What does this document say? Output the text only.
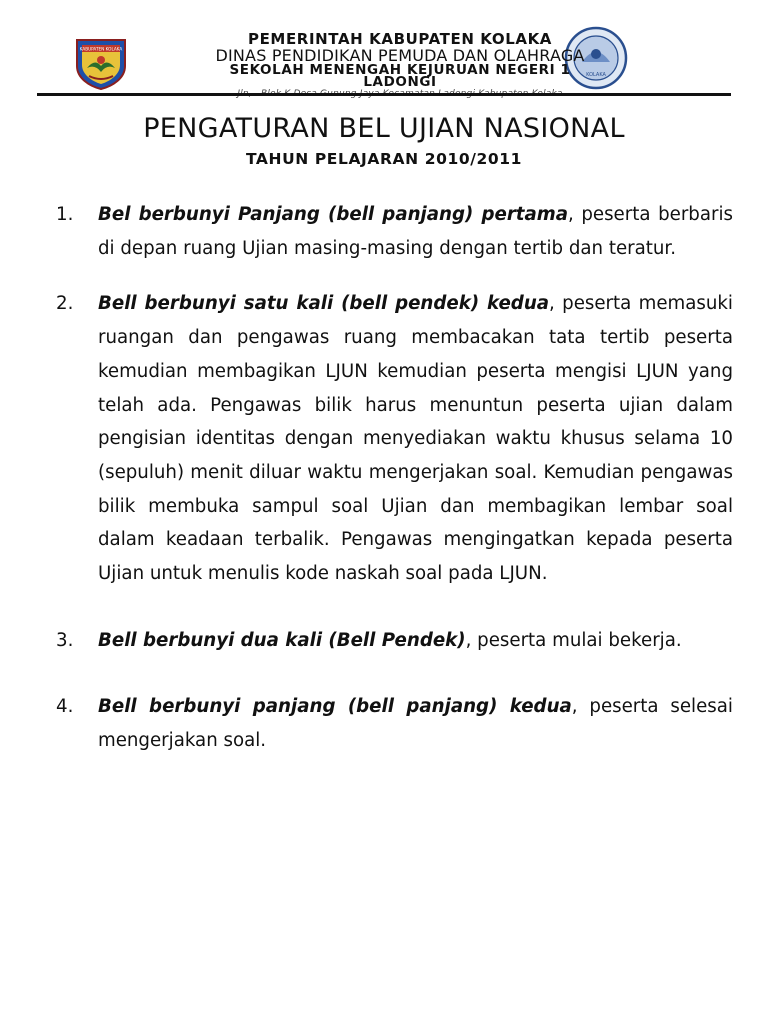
KABUPATEN KOLAKA
KOLAKA
PEMERINTAH KABUPATEN KOLAKA
DINAS PENDIDIKAN PEMUDA DAN OLAHRAGA
SEKOLAH MENENGAH KEJURUAN NEGERI 1
LADONGI
PENGATURAN BEL UJIAN NASIONAL
TAHUN PELAJARAN 2010/2011
1.	Bel berbunyi Panjang (bell panjang) pertama, peserta berbaris di depan ruang Ujian masing-masing dengan tertib dan teratur.
2.	Bell berbunyi satu kali (bell pendek) kedua, peserta memasuki ruangan dan pengawas ruang membacakan tata tertib peserta kemudian membagikan LJUN kemudian peserta mengisi LJUN yang telah ada. Pengawas bilik harus menuntun peserta ujian dalam pengisian identitas dengan menyediakan waktu khusus selama 10 (sepuluh) menit diluar waktu mengerjakan soal. Kemudian pengawas bilik membuka sampul soal Ujian dan membagikan lembar soal dalam keadaan terbalik. Pengawas mengingatkan kepada peserta Ujian untuk menulis kode naskah soal pada LJUN.
3.	Bell berbunyi dua kali (Bell Pendek), peserta mulai bekerja.
4.	Bell berbunyi panjang (bell panjang) kedua, peserta selesai mengerjakan soal.
